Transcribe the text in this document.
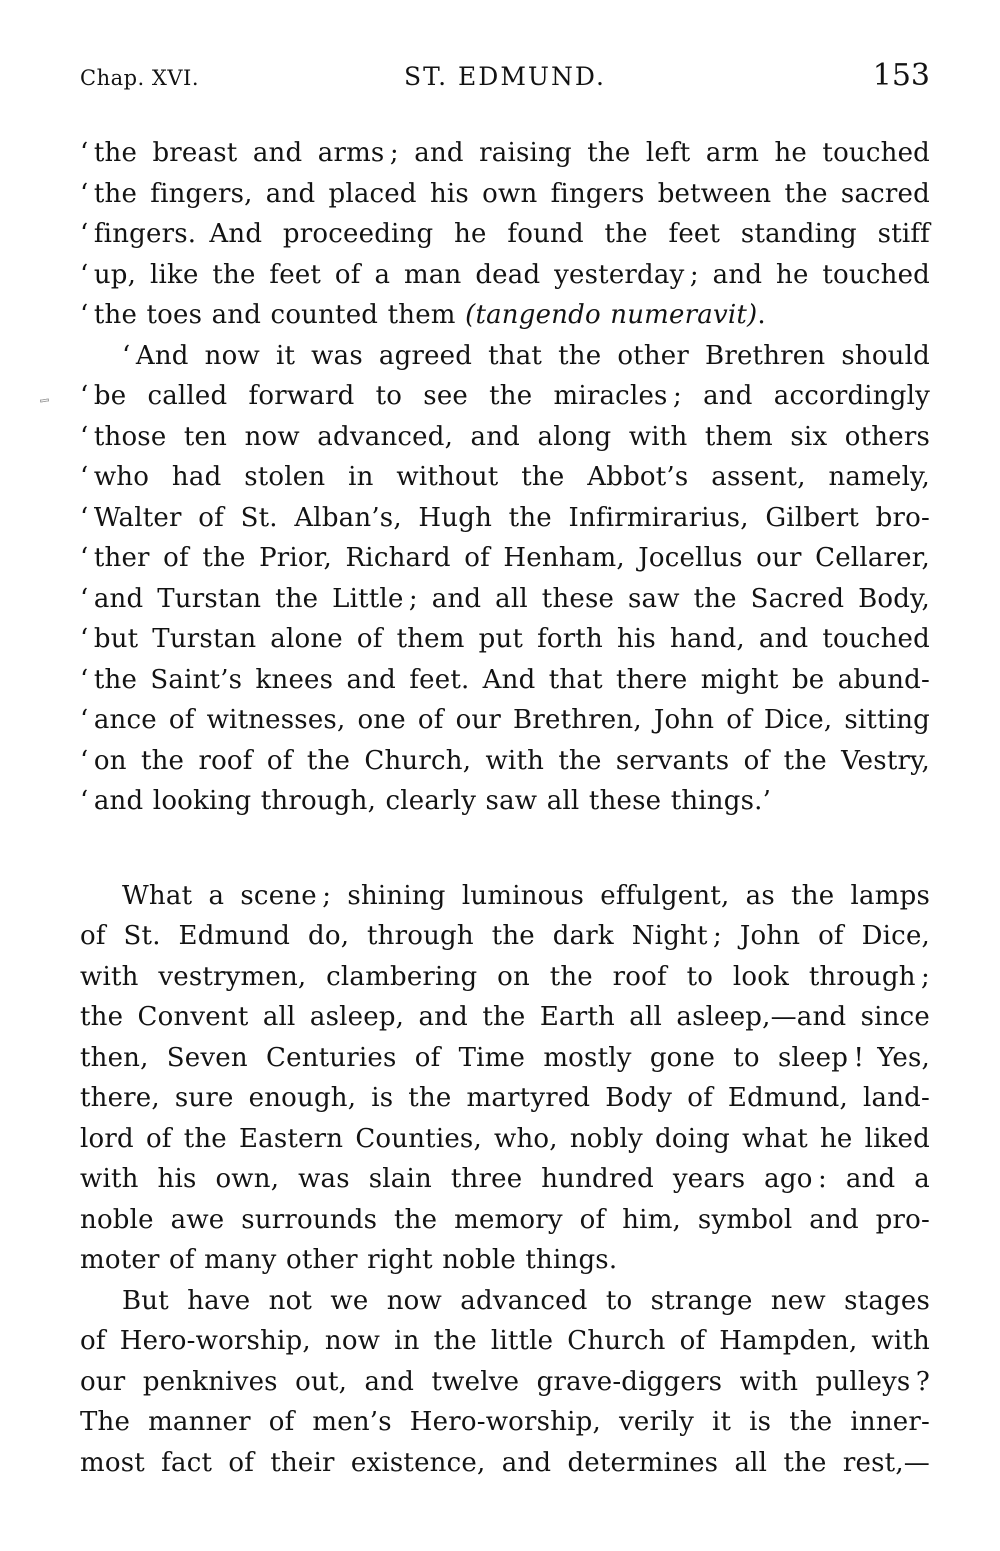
Chap. XVI.	ST. EDMUND.	153
‘ the breast and arms ; and raising the left arm he touched
‘ the fingers, and placed his own fingers between the sacred
‘ fingers. And proceeding he found the feet standing stiff
‘ up, like the feet of a man dead yesterday ; and he touched
‘ the toes and counted them (tangendo numeravit).
‘ And now it was agreed that the other Brethren should
‘ be called forward to see the miracles ; and accordingly
‘ those ten now advanced, and along with them six others
‘ who had stolen in without the Abbot’s assent, namely,
‘ Walter of St. Alban’s, Hugh the Infirmirarius, Gilbert bro-
‘ ther of the Prior, Richard of Henham, Jocellus our Cellarer,
‘ and Turstan the Little ; and all these saw the Sacred Body,
‘ but Turstan alone of them put forth his hand, and touched
‘ the Saint’s knees and feet. And that there might be abund-
‘ ance of witnesses, one of our Brethren, John of Dice, sitting
‘ on the roof of the Church, with the servants of the Vestry,
‘ and looking through, clearly saw all these things.’
What a scene ; shining luminous effulgent, as the lamps
of St. Edmund do, through the dark Night ; John of Dice,
with vestrymen, clambering on the roof to look through ;
the Convent all asleep, and the Earth all asleep,—and since
then, Seven Centuries of Time mostly gone to sleep ! Yes,
there, sure enough, is the martyred Body of Edmund, land-
lord of the Eastern Counties, who, nobly doing what he liked
with his own, was slain three hundred years ago : and a
noble awe surrounds the memory of him, symbol and pro-
moter of many other right noble things.
But have not we now advanced to strange new stages
of Hero-worship, now in the little Church of Hampden, with
our penknives out, and twelve grave-diggers with pulleys ?
The manner of men’s Hero-worship, verily it is the inner-
most fact of their existence, and determines all the rest,—
